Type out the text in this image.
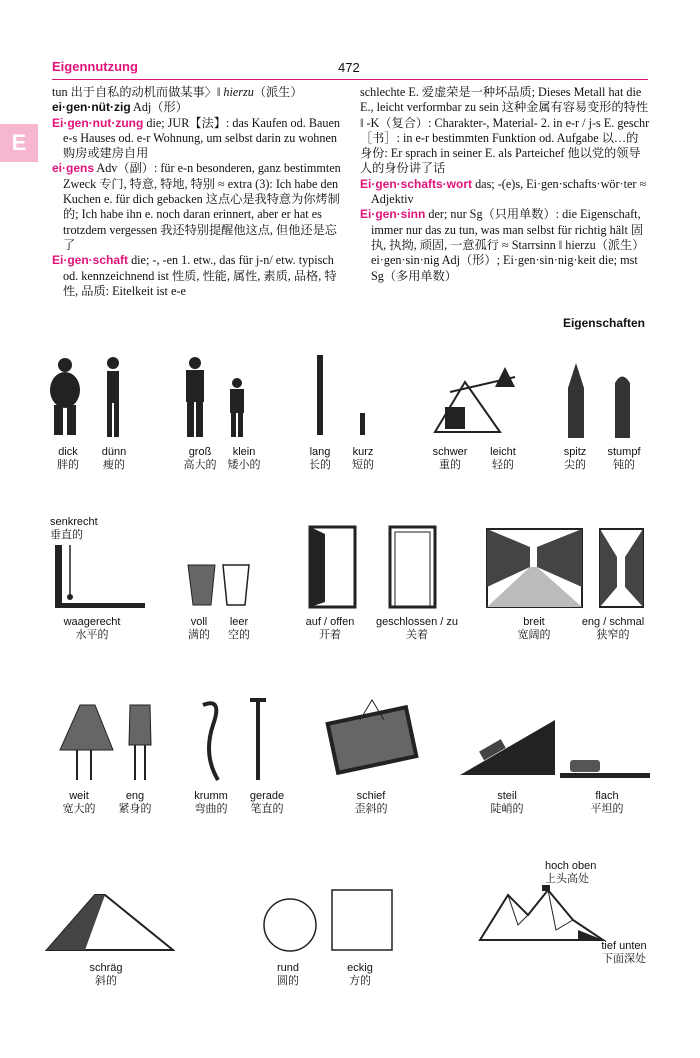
Eigennutzung	472
E

tun 出于自私的动机而做某事〉‖ hierzu（派生）

ei·gen·nüt·zig Adj（形）

Ei·gen·nut·zung die; JUR【法】: das Kaufen od. Bauen e-s Hauses od. e-r Wohnung, um selbst darin zu wohnen 购房或建房自用

ei·gens Adv（副）: für e-n besonderen, ganz bestimmten Zweck 专门, 特意, 特地, 特别 ≈ extra (3): Ich habe den Kuchen e. für dich gebacken 这点心是我特意为你烤制的; Ich habe ihn e. noch daran erinnert, aber er hat es trotzdem vergessen 我还特别提醒他这点, 但他还是忘了

Ei·gen·schaft die; -, -en 1. etw., das für j-n/ etw. typisch od. kennzeichnend ist 性质, 性能, 属性, 素质, 品格, 特性, 品质: Eitelkeit ist e-e

schlechte E. 爱虚荣是一种坏品质; Dieses Metall hat die E., leicht verformbar zu sein 这种金属有容易变形的特性 ‖ -K（复合）: Charakter-, Material- 2. in e-r / j-s E. geschr［书］: in e-r bestimmten Funktion od. Aufgabe 以…的身份: Er sprach in seiner E. als Parteichef 他以党的领导人的身份讲了话

Ei·gen·schafts·wort das; -(e)s, Ei·gen·schafts·wör·ter ≈ Adjektiv

Ei·gen·sinn der; nur Sg（只用单数）: die Eigenschaft, immer nur das zu tun, was man selbst für richtig hält 固执, 执拗, 顽固, 一意孤行 ≈ Starrsinn ‖ hierzu（派生）ei·gen·sin·nig Adj（形）; Ei·gen·sin·nig·keit die; mst Sg（多用单数）

Eigenschaften
dick
胖的
dünn
瘦的
groß
高大的
klein
矮小的
lang
长的
kurz
短的
schwer
重的
leicht
轻的
spitz
尖的
stumpf
钝的
senkrecht
垂直的
waagerecht
水平的
voll
满的
leer
空的
auf / offen
开着
geschlossen / zu
关着
breit
宽阔的
eng / schmal
狭窄的
weit
宽大的
eng
紧身的
krumm
弯曲的
gerade
笔直的
schief
歪斜的
steil
陡峭的
flach
平坦的
hoch oben
上头高处
tief unten
下面深处
schräg
斜的
rund
圆的
eckig
方的
